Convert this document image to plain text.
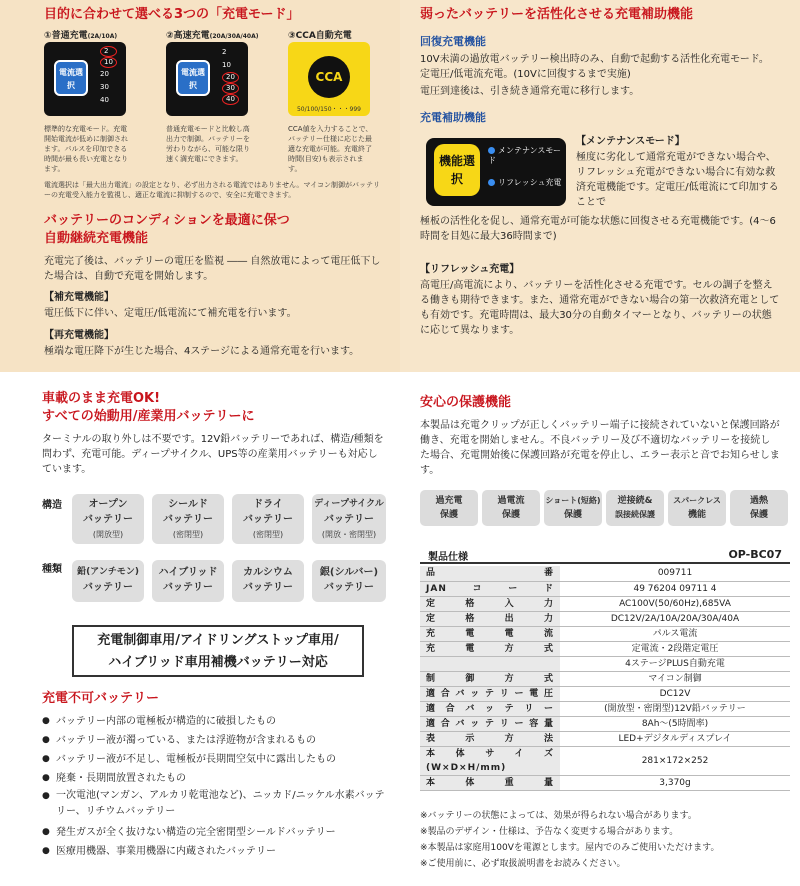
目的に合わせて選べる3つの「充電モード」
①普通充電(2A/10A)
電流選択
2
10
20
30
40

標準的な充電モード。充電開始電流が低めに制御されます。パルスを印加できる時間が最も長い充電となります。

②高速充電(20A/30A/40A)
電流選択
2
10
20
30
40

普通充電モードと比較し高出力で制御。バッテリーを労わりながら、可能な限り速く満充電にできます。

③CCA自動充電
CCA
50/100/150・・・999

CCA値を入力することで、バッテリー仕様に応じた最適な充電が可能。充電終了時間(目安)も表示されます。

電流選択は「最大出力電流」の設定となり、必ず出力される電流ではありません。マイコン制御がバッテリーの充電受入能力を監視し、適正な電流に抑制するので、安全に充電できます。

バッテリーのコンディションを最適に保つ
自動継続充電機能

充電完了後は、バッテリーの電圧を監視 ―― 自然放電によって電圧低下した場合は、自動で充電を開始します。

【補充電機能】

電圧低下に伴い、定電圧/低電流にて補充電を行います。

【再充電機能】

極端な電圧降下が生じた場合、4ステージによる通常充電を行います。

弱ったバッテリーを活性化させる充電補助機能
回復充電機能

10V未満の過放電バッテリー検出時のみ、自動で起動する活性化充電モード。定電圧/低電流充電。(10Vに回復するまで実施)

電圧到達後は、引き続き通常充電に移行します。

充電補助機能
機能選択
メンテナンスモード
リフレッシュ充電

【メンテナンスモード】

極度に劣化して通常充電ができない場合や、リフレッシュ充電ができない場合に有効な救済充電機能です。定電圧/低電流にて印加することで

極板の活性化を促し、通常充電が可能な状態に回復させる充電機能です。(4～6時間を目処に最大36時間まで)

【リフレッシュ充電】

高電圧/高電流により、バッテリーを活性化させる充電です。セルの調子を整える働きも期待できます。また、通常充電ができない場合の第一次救済充電としても有効です。充電時間は、最大30分の自動タイマーとなり、バッテリーの状態に応じて異なります。

車載のまま充電OK!
すべての始動用/産業用バッテリーに

ターミナルの取り外しは不要です。12V鉛バッテリーであれば、構造/種類を問わず、充電可能。ディープサイクル、UPS等の産業用バッテリーも対応しています。

構造	オープン
バッテリー
(開放型)
シールド
バッテリー
(密閉型)
ドライ
バッテリー
(密閉型)
ディープサイクル
バッテリー
(開放・密閉型)

種類	鉛(アンチモン)
バッテリー
ハイブリッド
バッテリー
カルシウム
バッテリー
銀(シルバー)
バッテリー
充電制御車用/アイドリングストップ車用/
ハイブリッド車用補機バッテリー対応
充電不可バッテリー
● バッテリー内部の電極板が構造的に破損したもの
● バッテリー液が濁っている、または浮遊物が含まれるもの
● バッテリー液が不足し、電極板が長期間空気中に露出したもの
● 廃棄・長期間放置されたもの
● 一次電池(マンガン、アルカリ乾電池など)、ニッカド/ニッケル水素バッテリー、リチウムバッテリー
● 発生ガスが全く抜けない構造の完全密閉型シールドバッテリー
● 医療用機器、事業用機器に内蔵されたバッテリー
安心の保護機能

本製品は充電クリップが正しくバッテリー端子に接続されていないと保護回路が働き、充電を開始しません。不良バッテリー及び不適切なバッテリーを接続した場合、充電開始後に保護回路が充電を停止し、エラー表示と音でお知らせします。

過充電
保護
過電流
保護
ショート(短絡)
保護
逆接続&
誤接続保護
スパークレス
機能
過熱
保護
製品仕様	OP-BC07
品番	009711
JANコード	49 76204 09711 4
定格入力	AC100V(50/60Hz),685VA
定格出力	DC12V/2A/10A/20A/30A/40A
充電電流	パルス電流
充電方式	定電流・2段階定電圧
	4ステージPLUS自動充電
制御方式	マイコン制御
適合バッテリー電圧	DC12V
適合バッテリー	(開放型・密閉型)12V鉛バッテリー
適合バッテリー容量	8Ah～(5時間率)
表示方法	LED+デジタルディスプレイ
本体サイズ(W×D×H/mm)	281×172×252
本体重量	3,370g

※バッテリーの状態によっては、効果が得られない場合があります。

※製品のデザイン・仕様は、予告なく変更する場合があります。

※本製品は家庭用100Vを電源とします。屋内でのみご使用いただけます。

※ご使用前に、必ず取扱説明書をお読みください。
